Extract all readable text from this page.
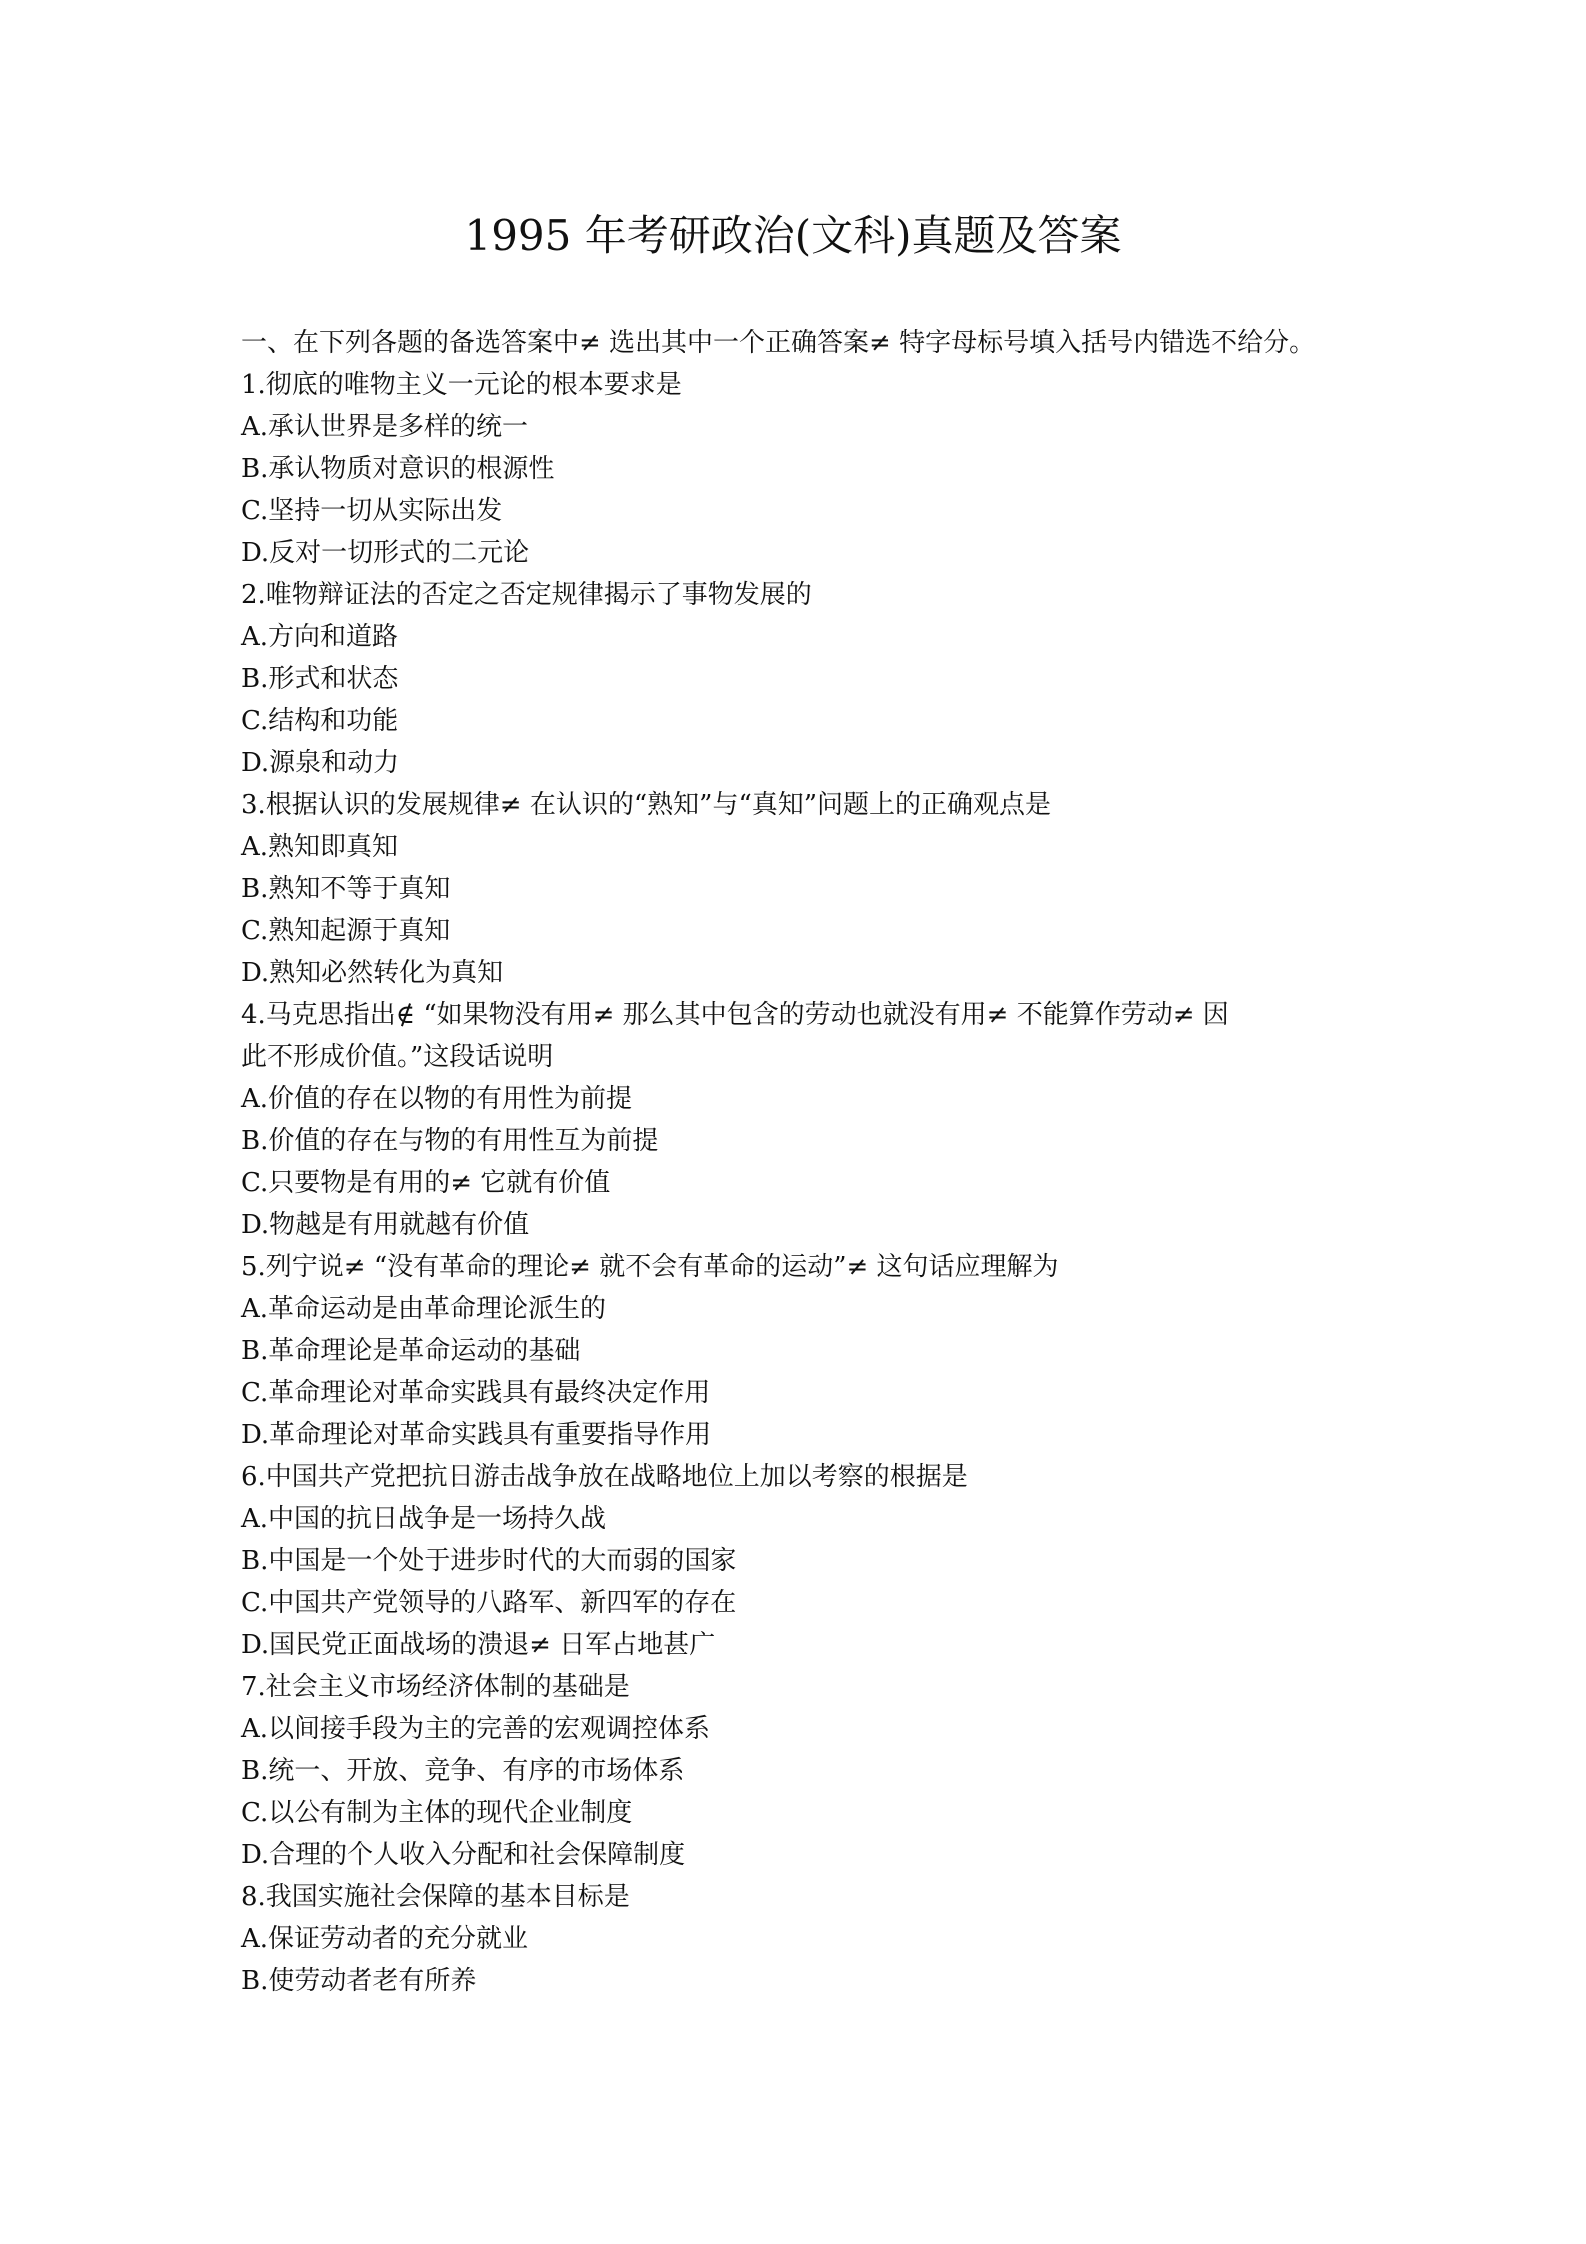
1995 年考研政治(文科)真题及答案
一、在下列各题的备选答案中≠ 选出其中一个正确答案≠ 特字母标号填入括号内错选不给分。
1.彻底的唯物主义一元论的根本要求是
A.承认世界是多样的统一
B.承认物质对意识的根源性
C.坚持一切从实际出发
D.反对一切形式的二元论
2.唯物辩证法的否定之否定规律揭示了事物发展的
A.方向和道路
B.形式和状态
C.结构和功能
D.源泉和动力
3.根据认识的发展规律≠ 在认识的“熟知”与“真知”问题上的正确观点是
A.熟知即真知
B.熟知不等于真知
C.熟知起源于真知
D.熟知必然转化为真知
4.马克思指出∉ “如果物没有用≠ 那么其中包含的劳动也就没有用≠ 不能算作劳动≠ 因
此不形成价值。”这段话说明
A.价值的存在以物的有用性为前提
B.价值的存在与物的有用性互为前提
C.只要物是有用的≠ 它就有价值
D.物越是有用就越有价值
5.列宁说≠ “没有革命的理论≠ 就不会有革命的运动”≠ 这句话应理解为
A.革命运动是由革命理论派生的
B.革命理论是革命运动的基础
C.革命理论对革命实践具有最终决定作用
D.革命理论对革命实践具有重要指导作用
6.中国共产党把抗日游击战争放在战略地位上加以考察的根据是
A.中国的抗日战争是一场持久战
B.中国是一个处于进步时代的大而弱的国家
C.中国共产党领导的八路军、新四军的存在
D.国民党正面战场的溃退≠ 日军占地甚广
7.社会主义市场经济体制的基础是
A.以间接手段为主的完善的宏观调控体系
B.统一、开放、竞争、有序的市场体系
C.以公有制为主体的现代企业制度
D.合理的个人收入分配和社会保障制度
8.我国实施社会保障的基本目标是
A.保证劳动者的充分就业
B.使劳动者老有所养
